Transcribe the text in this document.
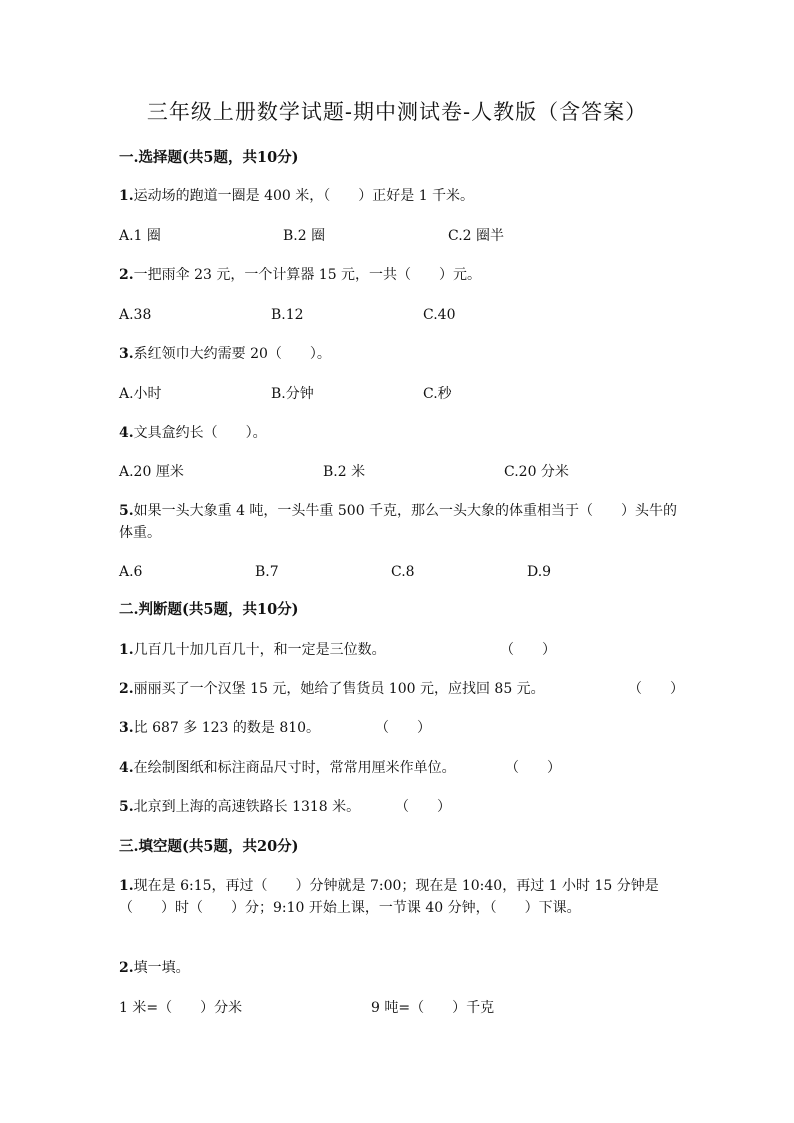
三年级上册数学试题-期中测试卷-人教版（含答案）
一.选择题(共5题，共10分)
1.运动场的跑道一圈是 400 米，（　　）正好是 1 千米。
A.1 圈	B.2 圈	C.2 圈半
2.一把雨伞 23 元，一个计算器 15 元，一共（　　）元。
A.38	B.12	C.40
3.系红领巾大约需要 20（　　）。
A.小时	B.分钟	C.秒
4.文具盒约长（　　）。
A.20 厘米	B.2 米	C.20 分米

5.如果一头大象重 4 吨，一头牛重 500 千克，那么一头大象的体重相当于（　　）头牛的体重。

A.6	B.7	C.8	D.9
二.判断题(共5题，共10分)
1.几百几十加几百几十，和一定是三位数。	（　　）
2.丽丽买了一个汉堡 15 元，她给了售货员 100 元，应找回 85 元。	（　　）
3.比 687 多 123 的数是 810。	（　　）
4.在绘制图纸和标注商品尺寸时，常常用厘米作单位。	（　　）
5.北京到上海的高速铁路长 1318 米。 （　　）
三.填空题(共5题，共20分)

1.现在是 6:15，再过（　　）分钟就是 7:00；现在是 10:40，再过 1 小时 15 分钟是（　　）时（　　）分；9:10 开始上课，一节课 40 分钟，（　　）下课。

2.填一填。
1 米=（　　）分米	9 吨=（　　）千克
